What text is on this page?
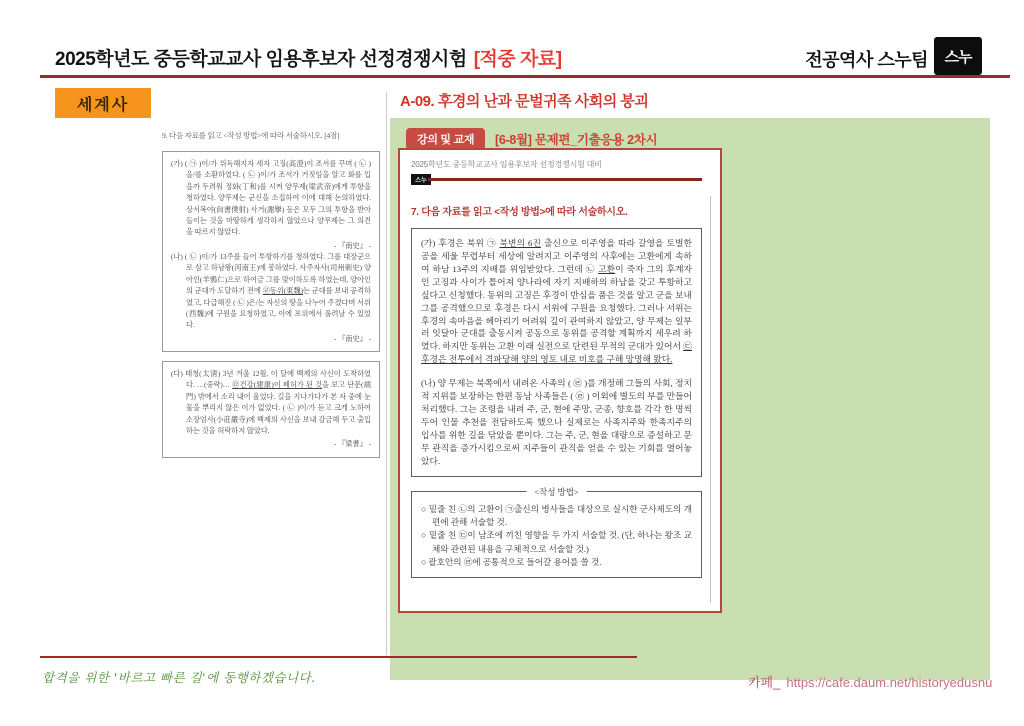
2025학년도 중등학교교사 임용후보자 선정경쟁시험 [적중 자료]	전공역사 스누팀	스누
세계사
9. 다음 자료를 읽고 <작성 방법>에 따라 서술하시오. [4점]
(가) ( ㉠ )이/가 위독해지자 세자 고징(高澄)이 조서를 꾸며 ( ㉡ )을/를 소환하였다. ( ㉡ )이/가 조서가 거짓임을 알고 화를 입을까 두려워 정화(丁和)를 시켜 양무제(梁武帝)에게 투항을 청하였다. 양무제는 군신을 소집하여 이에 대해 논의하였다. 상서복야(尙書僕射) 사거(謝擧) 등은 모두 그의 투항을 받아들이는 것을 마땅하게 생각하지 않았으나 양무제는 그 의견을 따르지 않았다.
- 『南史』 -
(나) ( ㉡ )이/가 13주를 들어 투항하기를 청하였다. 그를 대장군으로 삼고 하남왕(河南王)에 봉하였다. 사주자사(司州刺史) 양아인(羊鴉仁)으로 하여금 그를 맞이하도록 하였는데, 양아인의 군대가 도달하기 전에 ㉣동위(東魏)는 군대를 보내 공격하였고, 다급해진 ( ㉡ )은/는 자신의 땅을 나누어 주겠다며 서위(西魏)에 구원을 요청하였고, 이에 포위에서 풀려날 수 있었다.
- 『南史』 -
(다) 태청(太淸) 3년 겨울 12월, 이 달에 백제의 사신이 도착하였다. …(중략)… ㉤건강(建康)이 폐허가 된 것을 보고 단문(端門) 밖에서 소리 내어 울었다. 길을 지나가다가 본 자 중에 눈물을 뿌리지 않은 이가 없었다. ( ㉡ )이/가 듣고 크게 노하여 소장엄사(小莊嚴寺)에 백제의 사신을 보내 감금해 두고 출입하는 것을 허락하지 않았다.
- 『梁書』 -
A-09. 후경의 난과 문벌귀족 사회의 붕괴
강의 및 교재	[6-8월] 문제편_기출응용 2차시
2025학년도 중등학교교사 임용후보자 선정경쟁시험 대비
스누
7. 다음 자료를 읽고 <작성 방법>에 따라 서술하시오.
(가) 후경은 북위 ㉠ 북변의 6진 출신으로 이주영을 따라 갈영을 토벌한 공을 세울 무렵부터 세상에 알려지고 이주영의 사후에는 고환에게 속하여 하남 13주의 지배를 위임받았다. 그런데 ㉡ 고환이 죽자 그의 후계자인 고징과 사이가 틀어져 양나라에 자기 지배하의 하남을 갖고 투항하고 싶다고 신청했다. 동위의 고징은 후경이 반심을 품은 것을 알고 군을 보내 그를 공격했으므로 후경은 다시 서위에 구원을 요청했다. 그러나 서위는 후경의 속마음을 헤아리기 어려워 깊이 관여하지 않았고, 양 무제는 일부러 잇달아 군대를 출동시켜 공동으로 동위를 공격할 계획까지 세우려 하였다. 하지만 동위는 고환 이래 실전으로 단련된 무적의 군대가 있어서 ㉢ 후경은 전투에서 격파당해 양의 영토 내로 비호를 구해 망명해 왔다.
(나) 양 무제는 북쪽에서 내려온 사족의 ( ㉣ )를 개정해 그들의 사회, 정치적 지위를 보장하는 한편 동남 사족들은 ( ㉣ ) 이외에 별도의 부를 만들어 처리했다. 그는 조령을 내려 주, 군, 현에 주망, 군종, 향호를 각각 한 명씩 두어 인물 추천을 전담하도록 했으나 실제로는 사족지주와 한족지주의 입사를 위한 길을 닦았을 뿐이다. 그는 주, 군, 현을 대량으로 증설하고 문무 관직을 증가시킴으로써 지주들이 관직을 얻을 수 있는 기회를 열어놓았다.
<작성 방법>
○ 밑줄 친 ㉡의 고환이 ㉠출신의 병사들을 대상으로 실시한 군사제도의 개편에 관해 서술할 것.
○ 밑줄 친 ㉢이 남조에 끼친 영향을 두 가지 서술할 것. (단, 하나는 왕조 교체와 관련된 내용을 구체적으로 서술할 것.)
○ 괄호안의 ㉣에 공통적으로 들어갈 용어를 쓸 것.
합격을 위한 '바르고 빠른 길'에 동행하겠습니다.	카페_ https://cafe.daum.net/historyedusnu
